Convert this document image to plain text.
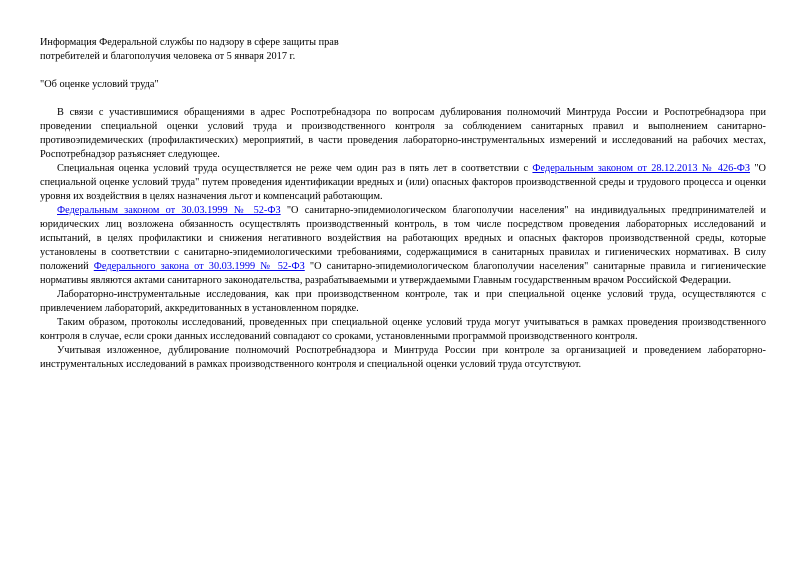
Информация Федеральной службы по надзору в сфере защиты прав

потребителей и благополучия человека от 5 января 2017 г.

"Об оценке условий труда"

В связи с участившимися обращениями в адрес Роспотребнадзора по вопросам дублирования полномочий Минтруда России и Роспотребнадзора при проведении специальной оценки условий труда и производственного контроля за соблюдением санитарных правил и выполнением санитарно-противоэпидемических (профилактических) мероприятий, в части проведения лабораторно-инструментальных измерений и исследований на рабочих местах, Роспотребнадзор разъясняет следующее.

Специальная оценка условий труда осуществляется не реже чем один раз в пять лет в соответствии с Федеральным законом от 28.12.2013 № 426-ФЗ "О специальной оценке условий труда" путем проведения идентификации вредных и (или) опасных факторов производственной среды и трудового процесса и оценки уровня их воздействия в целях назначения льгот и компенсаций работающим.

Федеральным законом от 30.03.1999 № 52-ФЗ "О санитарно-эпидемиологическом благополучии населения" на индивидуальных предпринимателей и юридических лиц возложена обязанность осуществлять производственный контроль, в том числе посредством проведения лабораторных исследований и испытаний, в целях профилактики и снижения негативного воздействия на работающих вредных и опасных факторов производственной среды, которые установлены в соответствии с санитарно-эпидемиологическими требованиями, содержащимися в санитарных правилах и гигиенических нормативах. В силу положений Федерального закона от 30.03.1999 № 52-ФЗ "О санитарно-эпидемиологическом благополучии населения" санитарные правила и гигиенические нормативы являются актами санитарного законодательства, разрабатываемыми и утверждаемыми Главным государственным врачом Российской Федерации.

Лабораторно-инструментальные исследования, как при производственном контроле, так и при специальной оценке условий труда, осуществляются с привлечением лабораторий, аккредитованных в установленном порядке.

Таким образом, протоколы исследований, проведенных при специальной оценке условий труда могут учитываться в рамках проведения производственного контроля в случае, если сроки данных исследований совпадают со сроками, установленными программой производственного контроля.

Учитывая изложенное, дублирование полномочий Роспотребнадзора и Минтруда России при контроле за организацией и проведением лабораторно-инструментальных исследований в рамках производственного контроля и специальной оценки условий труда отсутствуют.
